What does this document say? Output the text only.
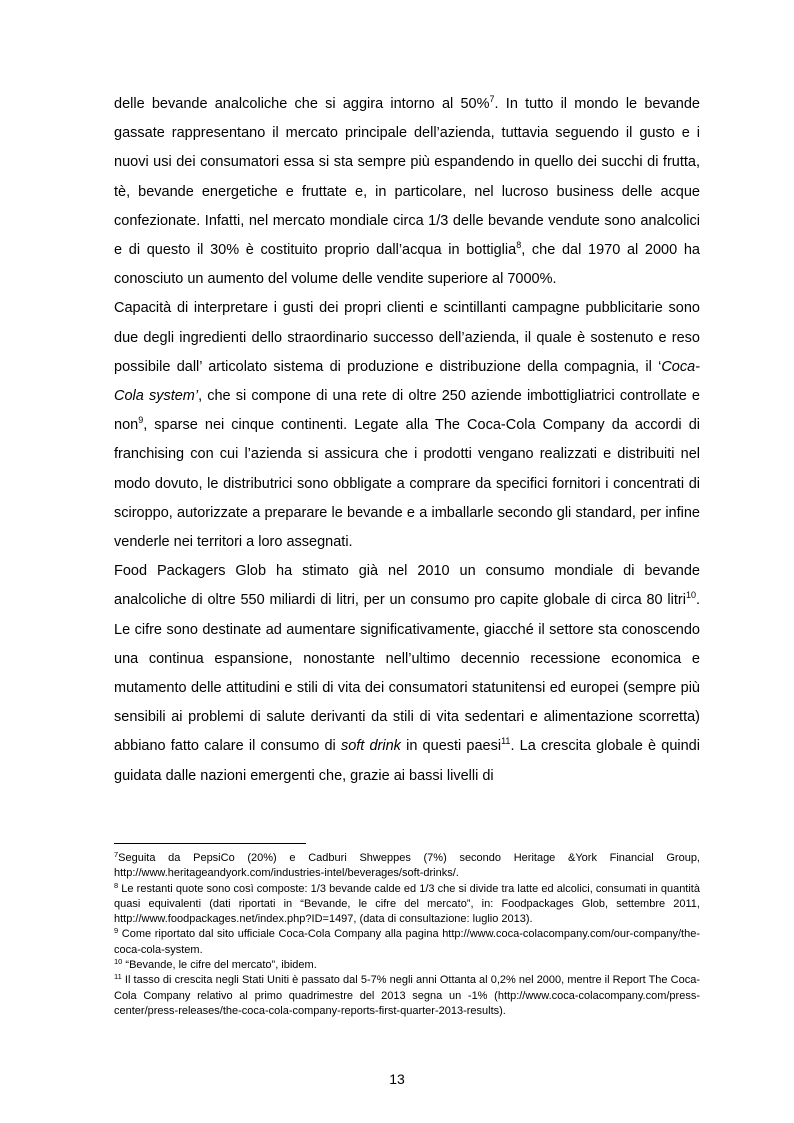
delle bevande analcoliche che si aggira intorno al 50%$^7$. In tutto il mondo le bevande gassate rappresentano il mercato principale dell’azienda, tuttavia seguendo il gusto e i nuovi usi dei consumatori essa si sta sempre più espandendo in quello dei succhi di frutta, tè, bevande energetiche e fruttate e, in particolare, nel lucroso business delle acque confezionate. Infatti, nel mercato mondiale circa 1/3 delle bevande vendute sono analcolici e di questo il 30% è costituito proprio dall’acqua in bottiglia$^8$, che dal 1970 al 2000 ha conosciuto un aumento del volume delle vendite superiore al 7000%.

Capacità di interpretare i gusti dei propri clienti e scintillanti campagne pubblicitarie sono due degli ingredienti dello straordinario successo dell’azienda, il quale è sostenuto e reso possibile dall’ articolato sistema di produzione e distribuzione della compagnia, il ‘Coca-Cola system’, che si compone di una rete di oltre 250 aziende imbottigliatrici controllate e non$^9$, sparse nei cinque continenti. Legate alla The Coca-Cola Company da accordi di franchising con cui l’azienda si assicura che i prodotti vengano realizzati e distribuiti nel modo dovuto, le distributrici sono obbligate a comprare da specifici fornitori i concentrati di sciroppo, autorizzate a preparare le bevande e a imballarle secondo gli standard, per infine venderle nei territori a loro assegnati.

Food Packagers Glob ha stimato già nel 2010 un consumo mondiale di bevande analcoliche di oltre 550 miliardi di litri, per un consumo pro capite globale di circa 80 litri$^{10}$. Le cifre sono destinate ad aumentare significativamente, giacché il settore sta conoscendo una continua espansione, nonostante nell’ultimo decennio recessione economica e mutamento delle attitudini e stili di vita dei consumatori statunitensi ed europei (sempre più sensibili ai problemi di salute derivanti da stili di vita sedentari e alimentazione scorretta) abbiano fatto calare il consumo di soft drink in questi paesi$^{11}$. La crescita globale è quindi guidata dalle nazioni emergenti che, grazie ai bassi livelli di

$^7$Seguita da PepsiCo (20%) e Cadburi Shweppes (7%) secondo Heritage &York Financial Group, http://www.heritageandyork.com/industries-intel/beverages/soft-drinks/.

$^8$ Le restanti quote sono così composte: 1/3 bevande calde ed 1/3 che si divide tra latte ed alcolici, consumati in quantità quasi equivalenti (dati riportati in “Bevande, le cifre del mercato”, in: Foodpackages Glob, settembre 2011, http://www.foodpackages.net/index.php?ID=1497, (data di consultazione: luglio 2013).

$^9$ Come riportato dal sito ufficiale Coca-Cola Company alla pagina http://www.coca-colacompany.com/our-company/the-coca-cola-system.

$^{10}$ “Bevande, le cifre del mercato”, ibidem.

$^{11}$ Il tasso di crescita negli Stati Uniti è passato dal 5-7% negli anni Ottanta al 0,2% nel 2000, mentre il Report The Coca-Cola Company relativo al primo quadrimestre del 2013 segna un -1% (http://www.coca-colacompany.com/press-center/press-releases/the-coca-cola-company-reports-first-quarter-2013-results).

13
